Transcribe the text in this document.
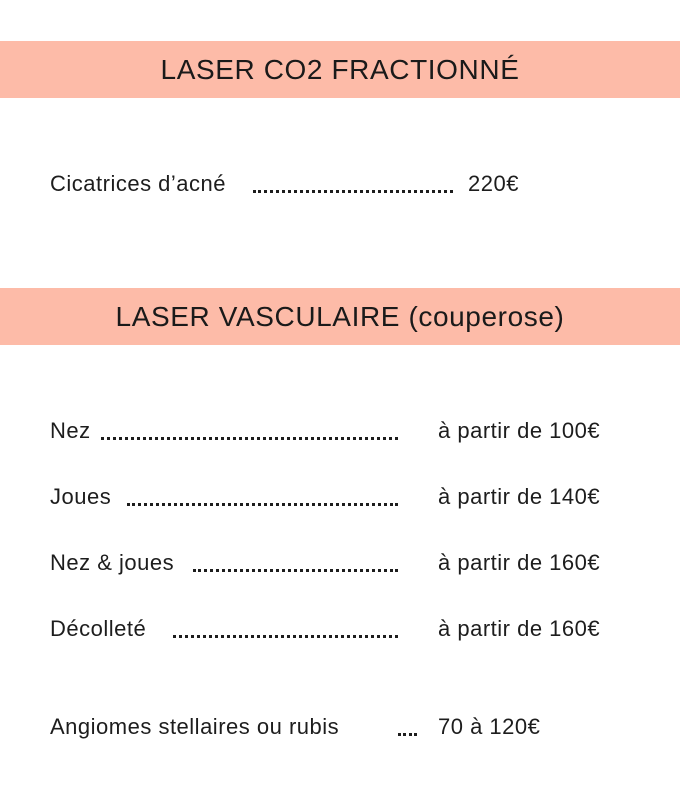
LASER CO2 FRACTIONNÉ
Cicatrices d’acné	220€
LASER VASCULAIRE (couperose)
Nez	à partir de 100€
Joues	à partir de 140€
Nez & joues	à partir de 160€
Décolleté	à partir de 160€
Angiomes stellaires ou rubis	70 à 120€
